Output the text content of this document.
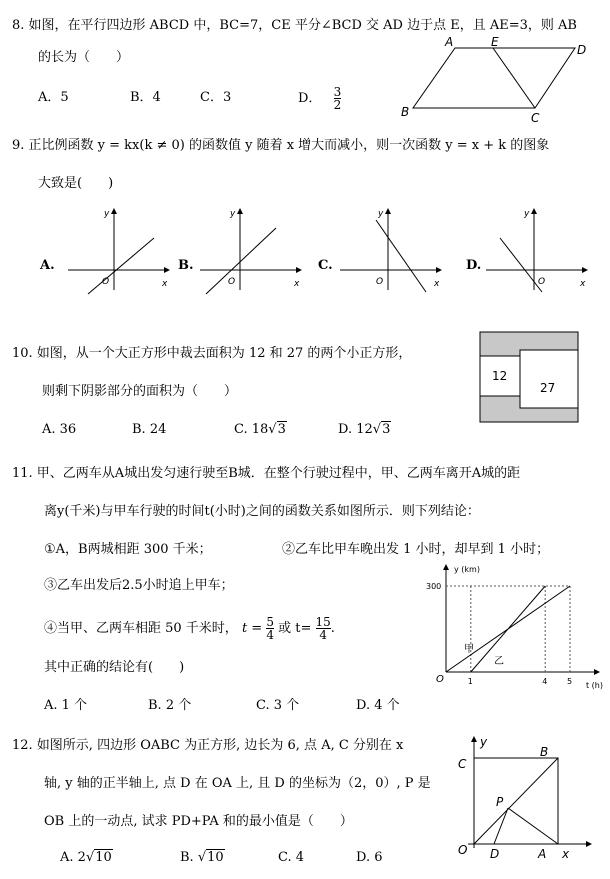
8. 如图，在平行四边形 ABCD 中，BC=7，CE 平分∠BCD 交 AD 边于点 E，且 AE=3，则 AB
的长为（　　）
A．5	B．4	C．3	D． $\frac{3}{2}$
A	E
D
B	C
9. 正比例函数 y = kx(k ≠ 0) 的函数值 y 随着 x 增大而减小，则一次函数 y = x + k 的图象
大致是(　　)
A.
y
x
O
B.
y
x
O
C.
y
x
O
D.
y
x
O
10. 如图，从一个大正方形中裁去面积为 12 和 27 的两个小正方形，
则剩下阴影部分的面积为（　　）
A. 36	B. 24	C. 18√3	D. 12√3
12
27
11. 甲、乙两车从A城出发匀速行驶至B城．在整个行驶过程中，甲、乙两车离开A城的距
离y(千米)与甲车行驶的时间t(小时)之间的函数关系如图所示．则下列结论：
①A，B两城相距 300 千米；	②乙车比甲车晚出发 1 小时，却早到 1 小时；
③乙车出发后2.5小时追上甲车；
④当甲、乙两车相距 50 千米时， $t = \frac{5}{4}$ 或 $t= \frac{15}{4}$ .
其中正确的结论有(　　)
A. 1 个	B. 2 个	C. 3 个	D. 4 个
y (km)
t (h)
O
300
1	4 5
甲
乙
12. 如图所示, 四边形 OABC 为正方形, 边长为 6, 点 A, C 分别在 x
轴, y 轴的正半轴上, 点 D 在 OA 上, 且 D 的坐标为（2，0）, P 是
OB 上的一动点, 试求 PD+PA 和的最小值是（　　）
A. 2√10	B. √10	C. 4	D. 6
y
C
B
P
O D	A x
